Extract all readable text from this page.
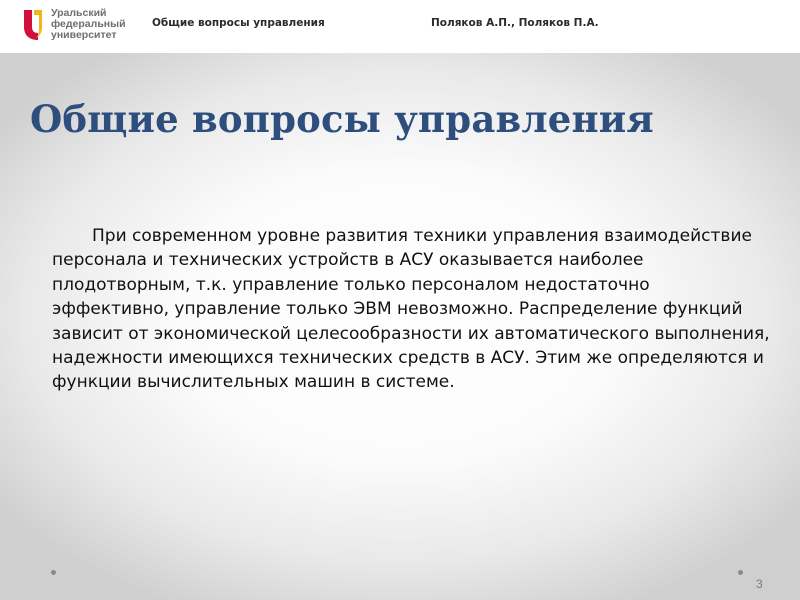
Уральский
федеральный
университет
Общие вопросы управления	Поляков А.П., Поляков П.А.
Общие вопросы управления

При современном уровне развития техники управления взаимодействие персонала и технических устройств в АСУ оказывается наиболее плодотворным, т.к. управление только персоналом недостаточно эффективно, управление только ЭВМ невозможно. Распределение функций зависит от экономической целесообразности их автоматического выполнения, надежности имеющихся технических средств в АСУ. Этим же определяются и функции вычислительных машин в системе.

3
